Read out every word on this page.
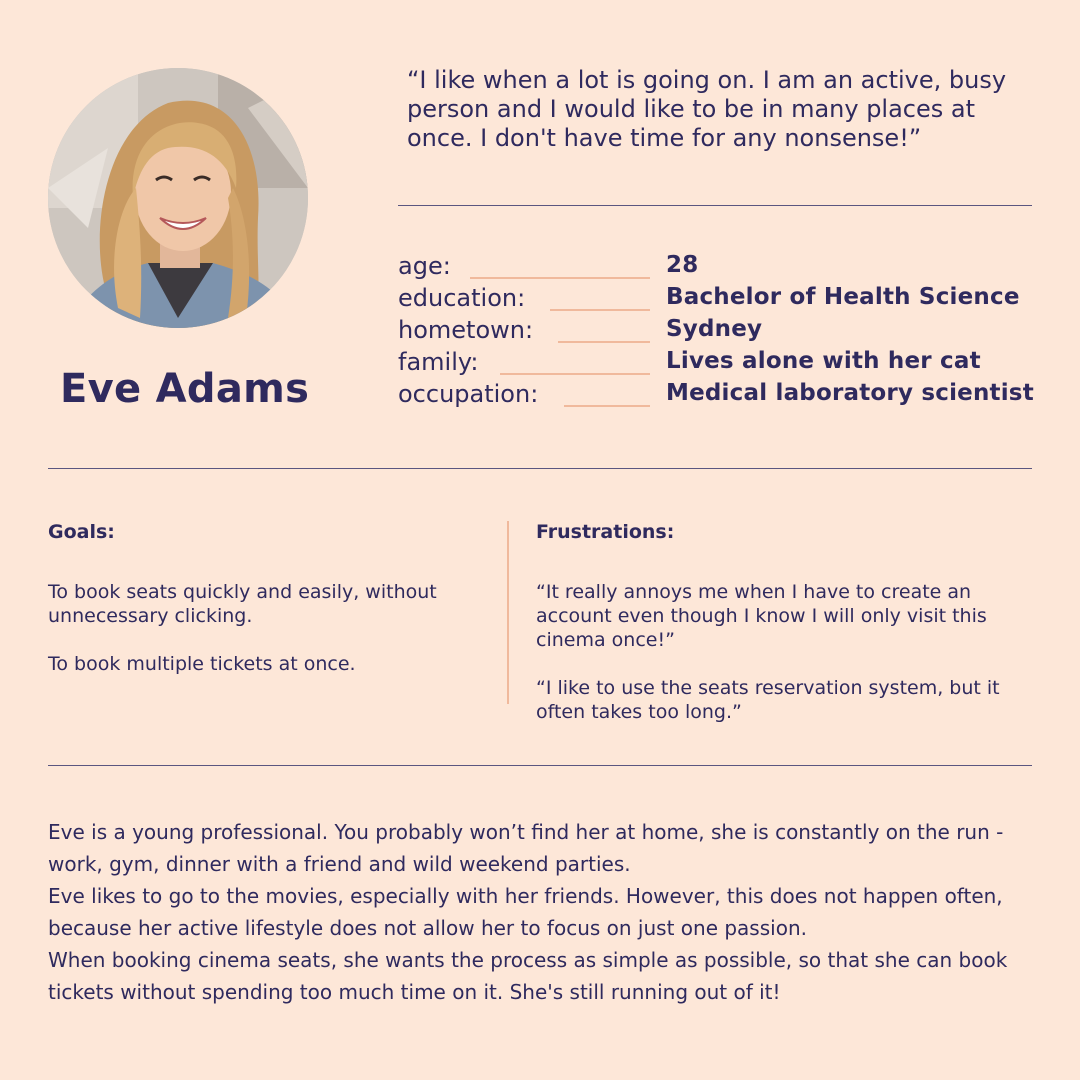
Eve Adams

“I like when a lot is going on. I am an active, busy person and I would like to be in many places at once. I don't have time for any nonsense!”

age:	28
education:	Bachelor of Health Science
hometown:	Sydney
family:	Lives alone with her cat
occupation:	Medical laboratory scientist
Goals:

To book seats quickly and easily, without unnecessary clicking.

To book multiple tickets at once.

Frustrations:

“It really annoys me when I have to create an account even though I know I will only visit this cinema once!”

“I like to use the seats reservation system, but it often takes too long.”

Eve is a young professional. You probably won’t find her at home, she is constantly on the run - work, gym, dinner with a friend and wild weekend parties.

Eve likes to go to the movies, especially with her friends. However, this does not happen often, because her active lifestyle does not allow her to focus on just one passion.

When booking cinema seats, she wants the process as simple as possible, so that she can book tickets without spending too much time on it. She's still running out of it!
